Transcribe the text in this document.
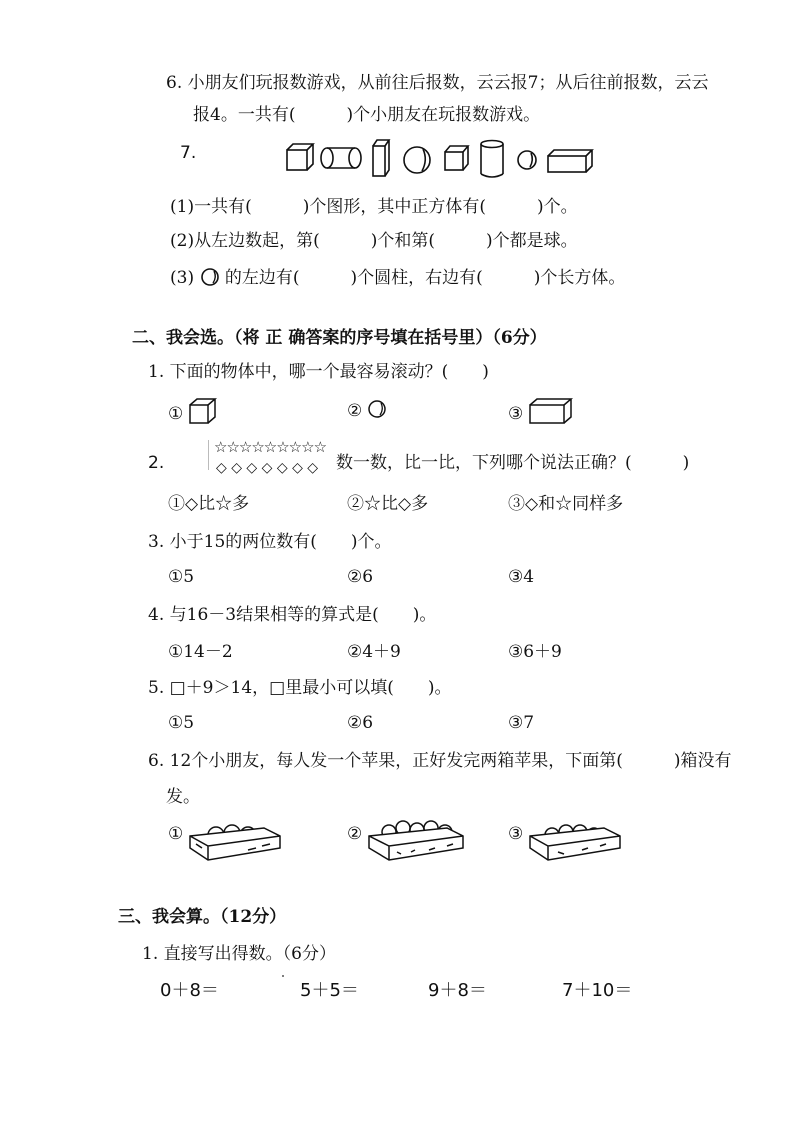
6. 小朋友们玩报数游戏，从前往后报数，云云报7；从后往前报数，云云
报4。一共有(　　　)个小朋友在玩报数游戏。
7.
(1)一共有(　　　)个图形，其中正方体有(　　　)个。
(2)从左边数起，第(　　　)个和第(　　　)个都是球。
(3) 的左边有(　　　)个圆柱，右边有(　　　)个长方体。
二、我会选。（将 正 确答案的序号填在括号里）（6分）
1. 下面的物体中，哪一个最容易滚动？(　　)
①	②	③
2.
☆☆☆☆☆☆☆☆☆
◇ ◇ ◇ ◇ ◇ ◇ ◇ 数一数，比一比，下列哪个说法正确？(　　　)
①◇比☆多	②☆比◇多	③◇和☆同样多
3. 小于15的两位数有(　　)个。
①5	②6	③4
4. 与16－3结果相等的算式是(　　)。
①14－2	②4＋9	③6＋9
5. □＋9＞14，□里最小可以填(　　)。
①5	②6	③7
6. 12个小朋友，每人发一个苹果，正好发完两箱苹果，下面第(　　　)箱没有
发。
①	②	③
三、我会算。（12分）
1. 直接写出得数。（6分）
0＋8＝	5＋5＝	9＋8＝	7＋10＝
